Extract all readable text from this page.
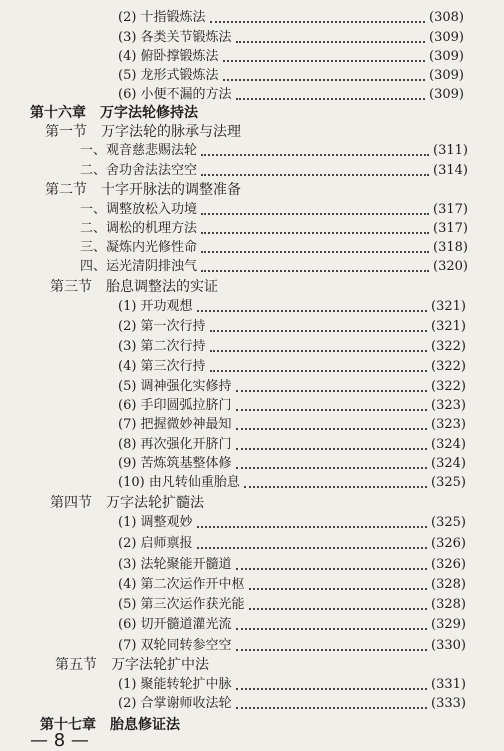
(2) 十指锻炼法	(308)
(3) 各类关节锻炼法	(309)
(4) 俯卧撑锻炼法	(309)
(5) 龙形式锻炼法	(309)
(6) 小便不漏的方法	(309)
第十六章　万字法轮修持法
第一节　万字法轮的脉承与法理
一、观音慈悲赐法轮	(311)
二、舍功舍法法空空	(314)
第二节　十字开脉法的调整准备
一、调整放松入功境	(317)
二、调松的机理方法	(317)
三、凝炼内光修性命	(318)
四、运光清阴排浊气	(320)
第三节　胎息调整法的实证
(1) 开功观想	(321)
(2) 第一次行持	(321)
(3) 第二次行持	(322)
(4) 第三次行持	(322)
(5) 调神强化实修持	(322)
(6) 手印圆弧拉脐门	(323)
(7) 把握微妙神最知	(323)
(8) 再次强化开脐门	(324)
(9) 苦炼筑基整体修	(324)
(10) 由凡转仙重胎息	(325)
第四节　万字法轮扩髓法
(1) 调整观妙	(325)
(2) 启师禀报	(326)
(3) 法轮聚能开髓道	(326)
(4) 第二次运作开中枢	(328)
(5) 第三次运作获光能	(328)
(6) 切开髓道灌光流	(329)
(7) 双轮同转参空空	(330)
第五节　万字法轮扩中法
(1) 聚能转轮扩中脉	(331)
(2) 合掌谢师收法轮	(333)
第十七章　胎息修证法
— 8 —
